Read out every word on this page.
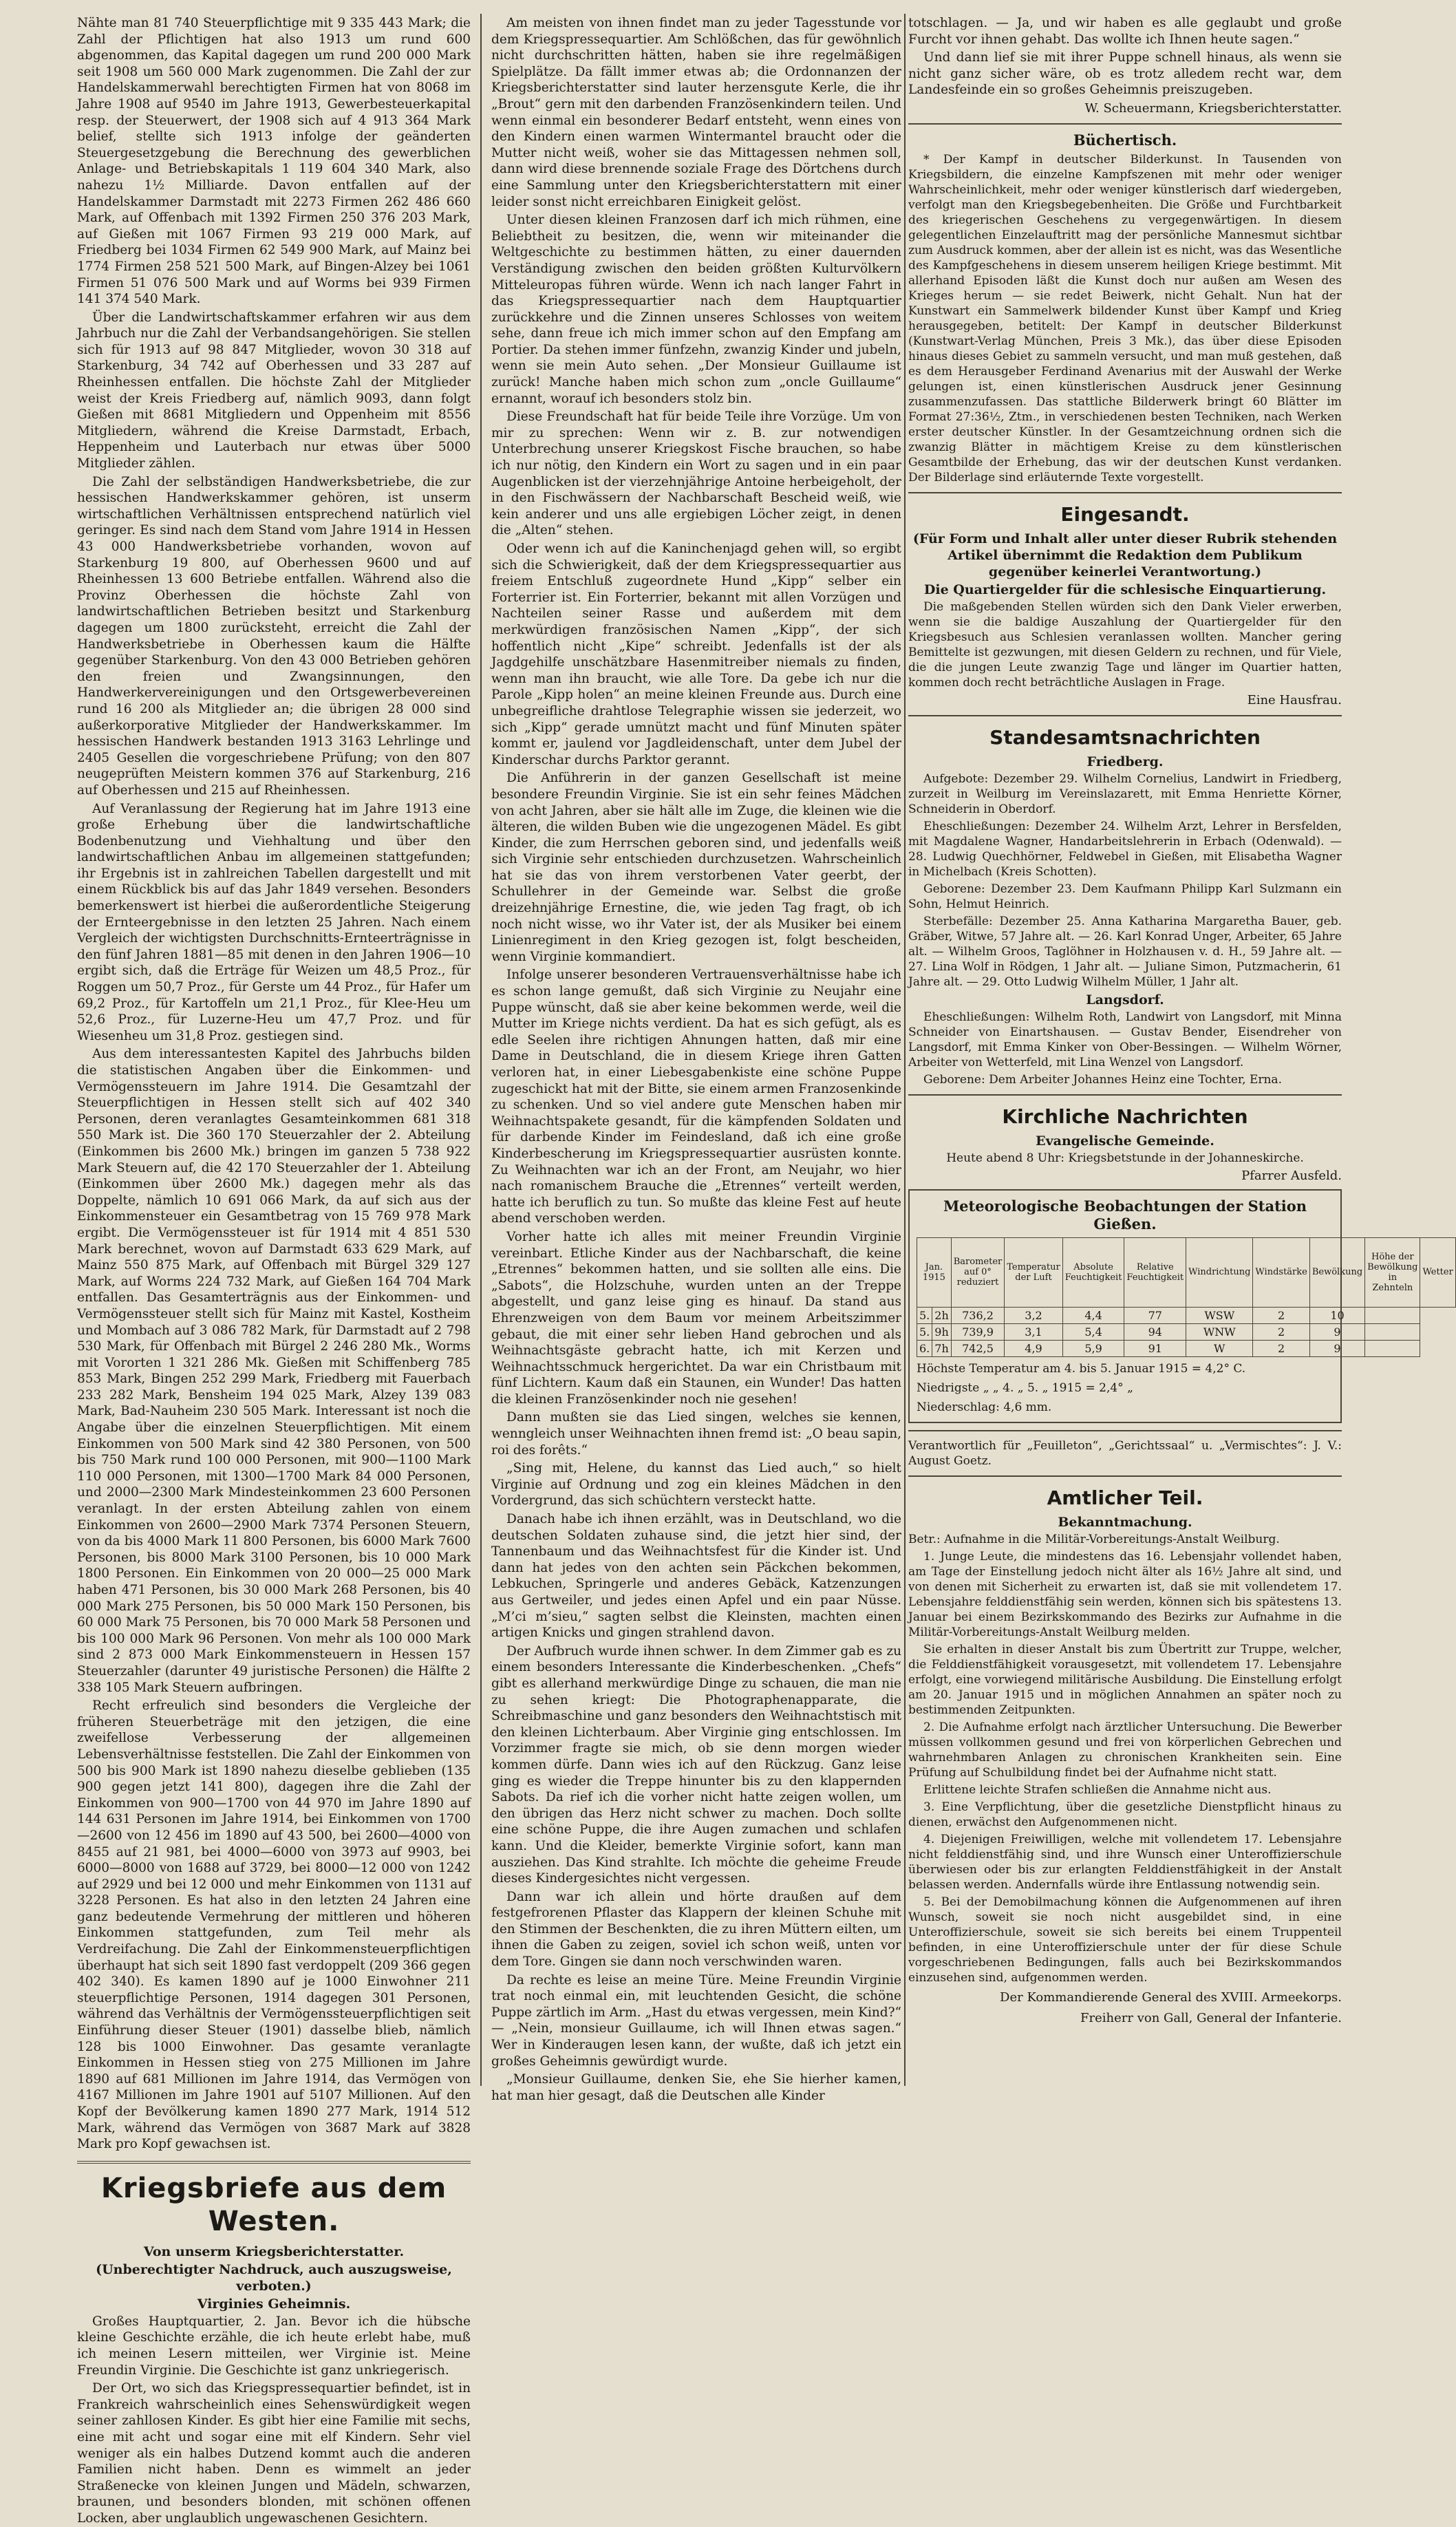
Nähte man 81 740 Steuerpflichtige mit 9 335 443 Mark; die Zahl der Pflichtigen hat also 1913 um rund 600 abgenommen, das Kapital dagegen um rund 200 000 Mark seit 1908 um 560 000 Mark zugenommen. Die Zahl der zur Handelskammerwahl berechtigten Firmen hat von 8068 im Jahre 1908 auf 9540 im Jahre 1913, Gewerbesteuerkapital resp. der Steuerwert, der 1908 sich auf 4 913 364 Mark belief, stellte sich 1913 infolge der geänderten Steuergesetzgebung die Berechnung des gewerblichen Anlage- und Betriebskapitals 1 119 604 340 Mark, also nahezu 1½ Milliarde. Davon entfallen auf der Handelskammer Darmstadt mit 2273 Firmen 262 486 660 Mark, auf Offenbach mit 1392 Firmen 250 376 203 Mark, auf Gießen mit 1067 Firmen 93 219 000 Mark, auf Friedberg bei 1034 Firmen 62 549 900 Mark, auf Mainz bei 1774 Firmen 258 521 500 Mark, auf Bingen-Alzey bei 1061 Firmen 51 076 500 Mark und auf Worms bei 939 Firmen 141 374 540 Mark.

Über die Landwirtschaftskammer erfahren wir aus dem Jahrbuch nur die Zahl der Verbandsangehörigen. Sie stellen sich für 1913 auf 98 847 Mitglieder, wovon 30 318 auf Starkenburg, 34 742 auf Oberhessen und 33 287 auf Rheinhessen entfallen. Die höchste Zahl der Mitglieder weist der Kreis Friedberg auf, nämlich 9093, dann folgt Gießen mit 8681 Mitgliedern und Oppenheim mit 8556 Mitgliedern, während die Kreise Darmstadt, Erbach, Heppenheim und Lauterbach nur etwas über 5000 Mitglieder zählen.

Die Zahl der selbständigen Handwerksbetriebe, die zur hessischen Handwerkskammer gehören, ist unserm wirtschaftlichen Verhältnissen entsprechend natürlich viel geringer. Es sind nach dem Stand vom Jahre 1914 in Hessen 43 000 Handwerksbetriebe vorhanden, wovon auf Starkenburg 19 800, auf Oberhessen 9600 und auf Rheinhessen 13 600 Betriebe entfallen. Während also die Provinz Oberhessen die höchste Zahl von landwirtschaftlichen Betrieben besitzt und Starkenburg dagegen um 1800 zurücksteht, erreicht die Zahl der Handwerksbetriebe in Oberhessen kaum die Hälfte gegenüber Starkenburg. Von den 43 000 Betrieben gehören den freien und Zwangsinnungen, den Handwerkervereinigungen und den Ortsgewerbevereinen rund 16 200 als Mitglieder an; die übrigen 28 000 sind außerkorporative Mitglieder der Handwerkskammer. Im hessischen Handwerk bestanden 1913 3163 Lehrlinge und 2405 Gesellen die vorgeschriebene Prüfung; von den 807 neugeprüften Meistern kommen 376 auf Starkenburg, 216 auf Oberhessen und 215 auf Rheinhessen.

Auf Veranlassung der Regierung hat im Jahre 1913 eine große Erhebung über die landwirtschaftliche Bodenbenutzung und Viehhaltung und über den landwirtschaftlichen Anbau im allgemeinen stattgefunden; ihr Ergebnis ist in zahlreichen Tabellen dargestellt und mit einem Rückblick bis auf das Jahr 1849 versehen. Besonders bemerkenswert ist hierbei die außerordentliche Steigerung der Ernteergebnisse in den letzten 25 Jahren. Nach einem Vergleich der wichtigsten Durchschnitts-Ernteerträgnisse in den fünf Jahren 1881—85 mit denen in den Jahren 1906—10 ergibt sich, daß die Erträge für Weizen um 48,5 Proz., für Roggen um 50,7 Proz., für Gerste um 44 Proz., für Hafer um 69,2 Proz., für Kartoffeln um 21,1 Proz., für Klee-Heu um 52,6 Proz., für Luzerne-Heu um 47,7 Proz. und für Wiesenheu um 31,8 Proz. gestiegen sind.

Aus dem interessantesten Kapitel des Jahrbuchs bilden die statistischen Angaben über die Einkommen- und Vermögenssteuern im Jahre 1914. Die Gesamtzahl der Steuerpflichtigen in Hessen stellt sich auf 402 340 Personen, deren veranlagtes Gesamteinkommen 681 318 550 Mark ist. Die 360 170 Steuerzahler der 2. Abteilung (Einkommen bis 2600 Mk.) bringen im ganzen 5 738 922 Mark Steuern auf, die 42 170 Steuerzahler der 1. Abteilung (Einkommen über 2600 Mk.) dagegen mehr als das Doppelte, nämlich 10 691 066 Mark, da auf sich aus der Einkommensteuer ein Gesamtbetrag von 15 769 978 Mark ergibt. Die Vermögenssteuer ist für 1914 mit 4 851 530 Mark berechnet, wovon auf Darmstadt 633 629 Mark, auf Mainz 550 875 Mark, auf Offenbach mit Bürgel 329 127 Mark, auf Worms 224 732 Mark, auf Gießen 164 704 Mark entfallen. Das Gesamterträgnis aus der Einkommen- und Vermögenssteuer stellt sich für Mainz mit Kastel, Kostheim und Mombach auf 3 086 782 Mark, für Darmstadt auf 2 798 530 Mark, für Offenbach mit Bürgel 2 246 280 Mk., Worms mit Vororten 1 321 286 Mk. Gießen mit Schiffenberg 785 853 Mark, Bingen 252 299 Mark, Friedberg mit Fauerbach 233 282 Mark, Bensheim 194 025 Mark, Alzey 139 083 Mark, Bad-Nauheim 230 505 Mark. Interessant ist noch die Angabe über die einzelnen Steuerpflichtigen. Mit einem Einkommen von 500 Mark sind 42 380 Personen, von 500 bis 750 Mark rund 100 000 Personen, mit 900—1100 Mark 110 000 Personen, mit 1300—1700 Mark 84 000 Personen, und 2000—2300 Mark Mindesteinkommen 23 600 Personen veranlagt. In der ersten Abteilung zahlen von einem Einkommen von 2600—2900 Mark 7374 Personen Steuern, von da bis 4000 Mark 11 800 Personen, bis 6000 Mark 7600 Personen, bis 8000 Mark 3100 Personen, bis 10 000 Mark 1800 Personen. Ein Einkommen von 20 000—25 000 Mark haben 471 Personen, bis 30 000 Mark 268 Personen, bis 40 000 Mark 275 Personen, bis 50 000 Mark 150 Personen, bis 60 000 Mark 75 Personen, bis 70 000 Mark 58 Personen und bis 100 000 Mark 96 Personen. Von mehr als 100 000 Mark sind 2 873 000 Mark Einkommensteuern in Hessen 157 Steuerzahler (darunter 49 juristische Personen) die Hälfte 2 338 105 Mark Steuern aufbringen.

Recht erfreulich sind besonders die Vergleiche der früheren Steuerbeträge mit den jetzigen, die eine zweifellose Verbesserung der allgemeinen Lebensverhältnisse feststellen. Die Zahl der Einkommen von 500 bis 900 Mark ist 1890 nahezu dieselbe geblieben (135 900 gegen jetzt 141 800), dagegen ihre die Zahl der Einkommen von 900—1700 von 44 970 im Jahre 1890 auf 144 631 Personen im Jahre 1914, bei Einkommen von 1700—2600 von 12 456 im 1890 auf 43 500, bei 2600—4000 von 8455 auf 21 981, bei 4000—6000 von 3973 auf 9903, bei 6000—8000 von 1688 auf 3729, bei 8000—12 000 von 1242 auf 2929 und bei 12 000 und mehr Einkommen von 1131 auf 3228 Personen. Es hat also in den letzten 24 Jahren eine ganz bedeutende Vermehrung der mittleren und höheren Einkommen stattgefunden, zum Teil mehr als Verdreifachung. Die Zahl der Einkommensteuerpflichtigen überhaupt hat sich seit 1890 fast verdoppelt (209 366 gegen 402 340). Es kamen 1890 auf je 1000 Einwohner 211 steuerpflichtige Personen, 1914 dagegen 301 Personen, während das Verhältnis der Vermögenssteuerpflichtigen seit Einführung dieser Steuer (1901) dasselbe blieb, nämlich 128 bis 1000 Einwohner. Das gesamte veranlagte Einkommen in Hessen stieg von 275 Millionen im Jahre 1890 auf 681 Millionen im Jahre 1914, das Vermögen von 4167 Millionen im Jahre 1901 auf 5107 Millionen. Auf den Kopf der Bevölkerung kamen 1890 277 Mark, 1914 512 Mark, während das Vermögen von 3687 Mark auf 3828 Mark pro Kopf gewachsen ist.

Kriegsbriefe aus dem Westen.
Von unserm Kriegsberichterstatter.
(Unberechtigter Nachdruck, auch auszugsweise, verboten.)
Virginies Geheimnis.

Großes Hauptquartier, 2. Jan. Bevor ich die hübsche kleine Geschichte erzähle, die ich heute erlebt habe, muß ich meinen Lesern mitteilen, wer Virginie ist. Meine Freundin Virginie. Die Geschichte ist ganz unkriegerisch.

Der Ort, wo sich das Kriegspressequartier befindet, ist in Frankreich wahrscheinlich eines Sehenswürdigkeit wegen seiner zahllosen Kinder. Es gibt hier eine Familie mit sechs, eine mit acht und sogar eine mit elf Kindern. Sehr viel weniger als ein halbes Dutzend kommt auch die anderen Familien nicht haben. Denn es wimmelt an jeder Straßenecke von kleinen Jungen und Mädeln, schwarzen, braunen, und besonders blonden, mit schönen offenen Locken, aber unglaublich ungewaschenen Gesichtern.

Am meisten von ihnen findet man zu jeder Tagesstunde vor dem Kriegspressequartier. Am Schlößchen, das für gewöhnlich nicht durchschritten hätten, haben sie ihre regelmäßigen Spielplätze. Da fällt immer etwas ab; die Ordonnanzen der Kriegsberichterstatter sind lauter herzensgute Kerle, die ihr „Brout“ gern mit den darbenden Französenkindern teilen. Und wenn einmal ein besonderer Bedarf entsteht, wenn eines von den Kindern einen warmen Wintermantel braucht oder die Mutter nicht weiß, woher sie das Mittagessen nehmen soll, dann wird diese brennende soziale Frage des Dörtchens durch eine Sammlung unter den Kriegsberichterstattern mit einer leider sonst nicht erreichbaren Einigkeit gelöst.

Unter diesen kleinen Franzosen darf ich mich rühmen, eine Beliebtheit zu besitzen, die, wenn wir miteinander die Weltgeschichte zu bestimmen hätten, zu einer dauernden Verständigung zwischen den beiden größten Kulturvölkern Mitteleuropas führen würde. Wenn ich nach langer Fahrt in das Kriegspressequartier nach dem Hauptquartier zurückkehre und die Zinnen unseres Schlosses von weitem sehe, dann freue ich mich immer schon auf den Empfang am Portier. Da stehen immer fünfzehn, zwanzig Kinder und jubeln, wenn sie mein Auto sehen. „Der Monsieur Guillaume ist zurück! Manche haben mich schon zum „oncle Guillaume“ ernannt, worauf ich besonders stolz bin.

Diese Freundschaft hat für beide Teile ihre Vorzüge. Um von mir zu sprechen: Wenn wir z. B. zur notwendigen Unterbrechung unserer Kriegskost Fische brauchen, so habe ich nur nötig, den Kindern ein Wort zu sagen und in ein paar Augenblicken ist der vierzehnjährige Antoine herbeigeholt, der in den Fischwässern der Nachbarschaft Bescheid weiß, wie kein anderer und uns alle ergiebigen Löcher zeigt, in denen die „Alten“ stehen.

Oder wenn ich auf die Kaninchenjagd gehen will, so ergibt sich die Schwierigkeit, daß der dem Kriegspressequartier aus freiem Entschluß zugeordnete Hund „Kipp“ selber ein Forterrier ist. Ein Forterrier, bekannt mit allen Vorzügen und Nachteilen seiner Rasse und außerdem mit dem merkwürdigen französischen Namen „Kipp“, der sich hoffentlich nicht „Kipe“ schreibt. Jedenfalls ist der als Jagdgehilfe unschätzbare Hasenmitreiber niemals zu finden, wenn man ihn braucht, wie alle Tore. Da gebe ich nur die Parole „Kipp holen“ an meine kleinen Freunde aus. Durch eine unbegreifliche drahtlose Telegraphie wissen sie jederzeit, wo sich „Kipp“ gerade umnützt macht und fünf Minuten später kommt er, jaulend vor Jagdleidenschaft, unter dem Jubel der Kinderschar durchs Parktor gerannt.

Die Anführerin in der ganzen Gesellschaft ist meine besondere Freundin Virginie. Sie ist ein sehr feines Mädchen von acht Jahren, aber sie hält alle im Zuge, die kleinen wie die älteren, die wilden Buben wie die ungezogenen Mädel. Es gibt Kinder, die zum Herrschen geboren sind, und jedenfalls weiß sich Virginie sehr entschieden durchzusetzen. Wahrscheinlich hat sie das von ihrem verstorbenen Vater geerbt, der Schullehrer in der Gemeinde war. Selbst die große dreizehnjährige Ernestine, die, wie jeden Tag fragt, ob ich noch nicht wisse, wo ihr Vater ist, der als Musiker bei einem Linienregiment in den Krieg gezogen ist, folgt bescheiden, wenn Virginie kommandiert.

Infolge unserer besonderen Vertrauensverhältnisse habe ich es schon lange gemußt, daß sich Virginie zu Neujahr eine Puppe wünscht, daß sie aber keine bekommen werde, weil die Mutter im Kriege nichts verdient. Da hat es sich gefügt, als es edle Seelen ihre richtigen Ahnungen hatten, daß mir eine Dame in Deutschland, die in diesem Kriege ihren Gatten verloren hat, in einer Liebesgabenkiste eine schöne Puppe zugeschickt hat mit der Bitte, sie einem armen Franzosenkinde zu schenken. Und so viel andere gute Menschen haben mir Weihnachtspakete gesandt, für die kämpfenden Soldaten und für darbende Kinder im Feindesland, daß ich eine große Kinderbescherung im Kriegspressequartier ausrüsten konnte. Zu Weihnachten war ich an der Front, am Neujahr, wo hier nach romanischem Brauche die „Etrennes“ verteilt werden, hatte ich beruflich zu tun. So mußte das kleine Fest auf heute abend verschoben werden.

Vorher hatte ich alles mit meiner Freundin Virginie vereinbart. Etliche Kinder aus der Nachbarschaft, die keine „Etrennes“ bekommen hatten, und sie sollten alle eins. Die „Sabots“, die Holzschuhe, wurden unten an der Treppe abgestellt, und ganz leise ging es hinauf. Da stand aus Ehrenzweigen von dem Baum vor meinem Arbeitszimmer gebaut, die mit einer sehr lieben Hand gebrochen und als Weihnachtsgäste gebracht hatte, ich mit Kerzen und Weihnachtsschmuck hergerichtet. Da war ein Christbaum mit fünf Lichtern. Kaum daß ein Staunen, ein Wunder! Das hatten die kleinen Französenkinder noch nie gesehen!

Dann mußten sie das Lied singen, welches sie kennen, wenngleich unser Weihnachten ihnen fremd ist: „O beau sapin, roi des forêts.“

„Sing mit, Helene, du kannst das Lied auch,“ so hielt Virginie auf Ordnung und zog ein kleines Mädchen in den Vordergrund, das sich schüchtern versteckt hatte.

Danach habe ich ihnen erzählt, was in Deutschland, wo die deutschen Soldaten zuhause sind, die jetzt hier sind, der Tannenbaum und das Weihnachtsfest für die Kinder ist. Und dann hat jedes von den achten sein Päckchen bekommen, Lebkuchen, Springerle und anderes Gebäck, Katzenzungen aus Gertweiler, und jedes einen Apfel und ein paar Nüsse. „M’ci m’sieu,“ sagten selbst die Kleinsten, machten einen artigen Knicks und gingen strahlend davon.

Der Aufbruch wurde ihnen schwer. In dem Zimmer gab es zu einem besonders Interessante die Kinderbeschenken. „Chefs“ gibt es allerhand merkwürdige Dinge zu schauen, die man nie zu sehen kriegt: Die Photographenapparate, die Schreibmaschine und ganz besonders den Weihnachtstisch mit den kleinen Lichterbaum. Aber Virginie ging entschlossen. Im Vorzimmer fragte sie mich, ob sie denn morgen wieder kommen dürfe. Dann wies ich auf den Rückzug. Ganz leise ging es wieder die Treppe hinunter bis zu den klappernden Sabots. Da rief ich die vorher nicht hatte zeigen wollen, um den übrigen das Herz nicht schwer zu machen. Doch sollte eine schöne Puppe, die ihre Augen zumachen und schlafen kann. Und die Kleider, bemerkte Virginie sofort, kann man ausziehen. Das Kind strahlte. Ich möchte die geheime Freude dieses Kindergesichtes nicht vergessen.

Dann war ich allein und hörte draußen auf dem festgefrorenen Pflaster das Klappern der kleinen Schuhe mit den Stimmen der Beschenkten, die zu ihren Müttern eilten, um ihnen die Gaben zu zeigen, soviel ich schon weiß, unten vor dem Tore. Gingen sie dann noch verschwinden waren.

Da rechte es leise an meine Türe. Meine Freundin Virginie trat noch einmal ein, mit leuchtenden Gesicht, die schöne Puppe zärtlich im Arm. „Hast du etwas vergessen, mein Kind?“ — „Nein, monsieur Guillaume, ich will Ihnen etwas sagen.“ Wer in Kinderaugen lesen kann, der wußte, daß ich jetzt ein großes Geheimnis gewürdigt wurde.

„Monsieur Guillaume, denken Sie, ehe Sie hierher kamen, hat man hier gesagt, daß die Deutschen alle Kinder

totschlagen. — Ja, und wir haben es alle geglaubt und große Furcht vor ihnen gehabt. Das wollte ich Ihnen heute sagen.“

Und dann lief sie mit ihrer Puppe schnell hinaus, als wenn sie nicht ganz sicher wäre, ob es trotz alledem recht war, dem Landesfeinde ein so großes Geheimnis preiszugeben.

W. Scheuermann, Kriegsberichterstatter.
Büchertisch.

* Der Kampf in deutscher Bilderkunst. In Tausenden von Kriegsbildern, die einzelne Kampfszenen mit mehr oder weniger Wahrscheinlichkeit, mehr oder weniger künstlerisch darf wiedergeben, verfolgt man den Kriegsbegebenheiten. Die Größe und Furchtbarkeit des kriegerischen Geschehens zu vergegenwärtigen. In diesem gelegentlichen Einzelauftritt mag der persönliche Mannesmut sichtbar zum Ausdruck kommen, aber der allein ist es nicht, was das Wesentliche des Kampfgeschehens in diesem unserem heiligen Kriege bestimmt. Mit allerhand Episoden läßt die Kunst doch nur außen am Wesen des Krieges herum — sie redet Beiwerk, nicht Gehalt. Nun hat der Kunstwart ein Sammelwerk bildender Kunst über Kampf und Krieg herausgegeben, betitelt: Der Kampf in deutscher Bilderkunst (Kunstwart-Verlag München, Preis 3 Mk.), das über diese Episoden hinaus dieses Gebiet zu sammeln versucht, und man muß gestehen, daß es dem Herausgeber Ferdinand Avenarius mit der Auswahl der Werke gelungen ist, einen künstlerischen Ausdruck jener Gesinnung zusammenzufassen. Das stattliche Bilderwerk bringt 60 Blätter im Format 27:36½, Ztm., in verschiedenen besten Techniken, nach Werken erster deutscher Künstler. In der Gesamtzeichnung ordnen sich die zwanzig Blätter in mächtigem Kreise zu dem künstlerischen Gesamtbilde der Erhebung, das wir der deutschen Kunst verdanken. Der Bilderlage sind erläuternde Texte vorgestellt.

Eingesandt.
(Für Form und Inhalt aller unter dieser Rubrik stehenden Artikel übernimmt die Redaktion dem Publikum gegenüber keinerlei Verantwortung.)
Die Quartiergelder für die schlesische Einquartierung.

Die maßgebenden Stellen würden sich den Dank Vieler erwerben, wenn sie die baldige Auszahlung der Quartiergelder für den Kriegsbesuch aus Schlesien veranlassen wollten. Mancher gering Bemittelte ist gezwungen, mit diesen Geldern zu rechnen, und für Viele, die die jungen Leute zwanzig Tage und länger im Quartier hatten, kommen doch recht beträchtliche Auslagen in Frage.

Eine Hausfrau.
Standesamtsnachrichten
Friedberg.

Aufgebote: Dezember 29. Wilhelm Cornelius, Landwirt in Friedberg, zurzeit in Weilburg im Vereinslazarett, mit Emma Henriette Körner, Schneiderin in Oberdorf.

Eheschließungen: Dezember 24. Wilhelm Arzt, Lehrer in Bersfelden, mit Magdalene Wagner, Handarbeitslehrerin in Erbach (Odenwald). — 28. Ludwig Quechhörner, Feldwebel in Gießen, mit Elisabetha Wagner in Michelbach (Kreis Schotten).

Geborene: Dezember 23. Dem Kaufmann Philipp Karl Sulzmann ein Sohn, Helmut Heinrich.

Sterbefälle: Dezember 25. Anna Katharina Margaretha Bauer, geb. Gräber, Witwe, 57 Jahre alt. — 26. Karl Konrad Unger, Arbeiter, 65 Jahre alt. — Wilhelm Groos, Taglöhner in Holzhausen v. d. H., 59 Jahre alt. — 27. Lina Wolf in Rödgen, 1 Jahr alt. — Juliane Simon, Putzmacherin, 61 Jahre alt. — 29. Otto Ludwig Wilhelm Müller, 1 Jahr alt.

Langsdorf.

Eheschließungen: Wilhelm Roth, Landwirt von Langsdorf, mit Minna Schneider von Einartshausen. — Gustav Bender, Eisendreher von Langsdorf, mit Emma Kinker von Ober-Bessingen. — Wilhelm Wörner, Arbeiter von Wetterfeld, mit Lina Wenzel von Langsdorf.

Geborene: Dem Arbeiter Johannes Heinz eine Tochter, Erna.

Kirchliche Nachrichten
Evangelische Gemeinde.

Heute abend 8 Uhr: Kriegsbetstunde in der Johanneskirche.

Pfarrer Ausfeld.
Meteorologische Beobachtungen der Station Gießen.
Jan. 1915		Barometer auf 0° reduziert	Temperatur der Luft	Absolute Feuchtigkeit	Relative Feuchtigkeit	Windrichtung	Windstärke	Bewölkung	Höhe der Bewölkung in Zehnteln	Wetter
5.	2h	736,2	3,2	4,4	77	WSW	2	10		
5.	9h	739,9	3,1	5,4	94	WNW	2	9		
6.	7h	742,5	4,9	5,9	91	W	2	9		
Höchste Temperatur am 4. bis 5. Januar 1915 = 4,2° C.
Niedrigste „ „ 4. „ 5. „ 1915 = 2,4° „
Niederschlag: 4,6 mm.

Verantwortlich für „Feuilleton“, „Gerichtssaal“ u. „Vermischtes“: J. V.: August Goetz.

Amtlicher Teil.
Bekanntmachung.

Betr.: Aufnahme in die Militär-Vorbereitungs-Anstalt Weilburg.

1. Junge Leute, die mindestens das 16. Lebensjahr vollendet haben, am Tage der Einstellung jedoch nicht älter als 16½ Jahre alt sind, und von denen mit Sicherheit zu erwarten ist, daß sie mit vollendetem 17. Lebensjahre felddienstfähig sein werden, können sich bis spätestens 13. Januar bei einem Bezirkskommando des Bezirks zur Aufnahme in die Militär-Vorbereitungs-Anstalt Weilburg melden.

Sie erhalten in dieser Anstalt bis zum Übertritt zur Truppe, welcher, die Felddienstfähigkeit vorausgesetzt, mit vollendetem 17. Lebensjahre erfolgt, eine vorwiegend militärische Ausbildung. Die Einstellung erfolgt am 20. Januar 1915 und in möglichen Annahmen an später noch zu bestimmenden Zeitpunkten.

2. Die Aufnahme erfolgt nach ärztlicher Untersuchung. Die Bewerber müssen vollkommen gesund und frei von körperlichen Gebrechen und wahrnehmbaren Anlagen zu chronischen Krankheiten sein. Eine Prüfung auf Schulbildung findet bei der Aufnahme nicht statt.

Erlittene leichte Strafen schließen die Annahme nicht aus.

3. Eine Verpflichtung, über die gesetzliche Dienstpflicht hinaus zu dienen, erwächst den Aufgenommenen nicht.

4. Diejenigen Freiwilligen, welche mit vollendetem 17. Lebensjahre nicht felddienstfähig sind, und ihre Wunsch einer Unteroffizierschule überwiesen oder bis zur erlangten Felddienstfähigkeit in der Anstalt belassen werden. Andernfalls würde ihre Entlassung notwendig sein.

5. Bei der Demobilmachung können die Aufgenommenen auf ihren Wunsch, soweit sie noch nicht ausgebildet sind, in eine Unteroffizierschule, soweit sie sich bereits bei einem Truppenteil befinden, in eine Unteroffizierschule unter der für diese Schule vorgeschriebenen Bedingungen, falls auch bei Bezirkskommandos einzusehen sind, aufgenommen werden.

Der Kommandierende General des XVIII. Armeekorps.
Freiherr von Gall, General der Infanterie.
